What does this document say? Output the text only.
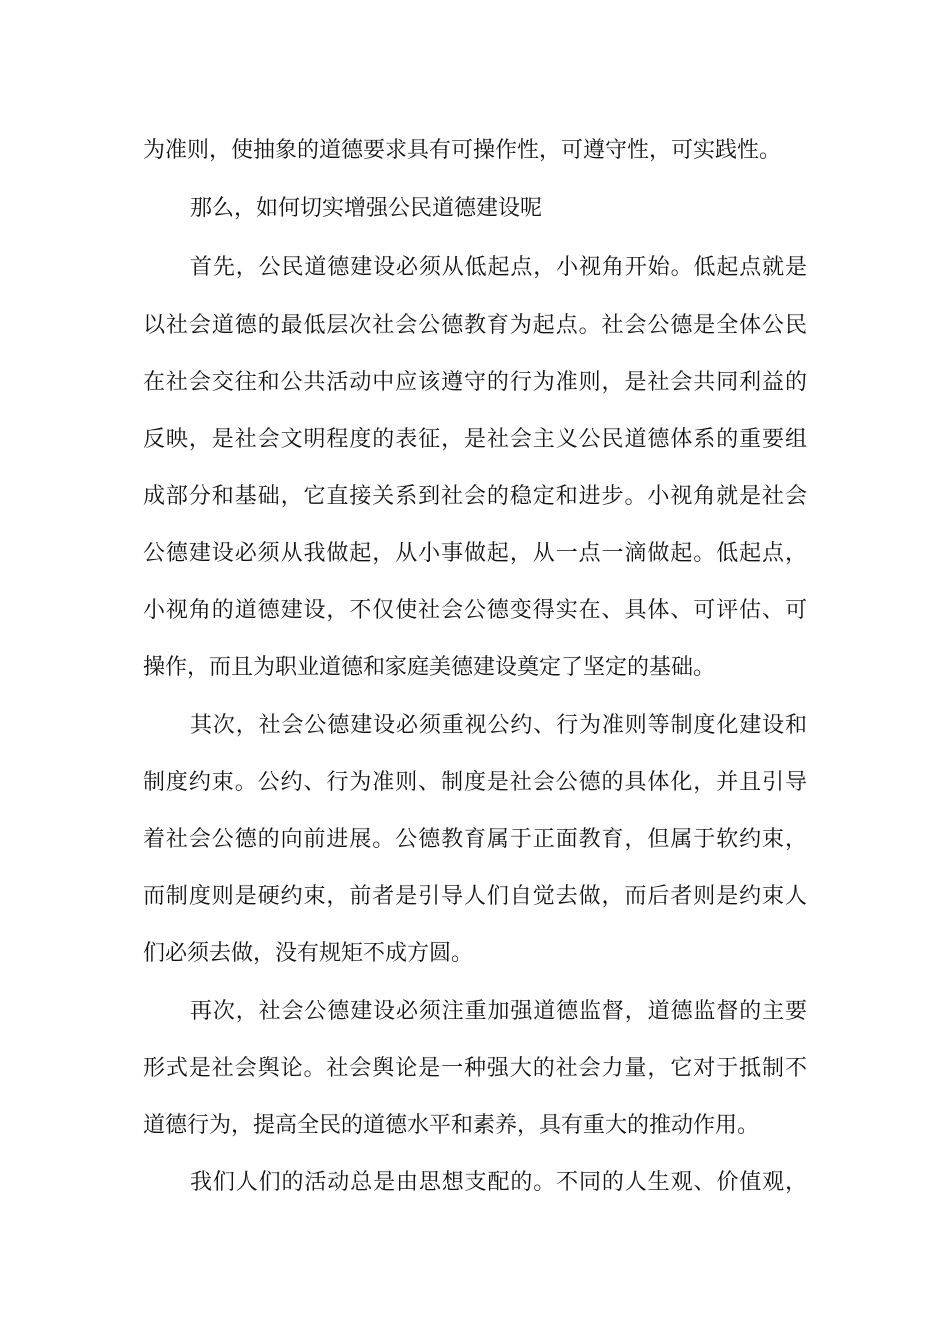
为准则，使抽象的道德要求具有可操作性，可遵守性，可实践性。
那么，如何切实增强公民道德建设呢
首先，公民道德建设必须从低起点，小视角开始。低起点就是
以社会道德的最低层次社会公德教育为起点。社会公德是全体公民
在社会交往和公共活动中应该遵守的行为准则，是社会共同利益的
反映，是社会文明程度的表征，是社会主义公民道德体系的重要组
成部分和基础，它直接关系到社会的稳定和进步。小视角就是社会
公德建设必须从我做起，从小事做起，从一点一滴做起。低起点，
小视角的道德建设，不仅使社会公德变得实在、具体、可评估、可
操作，而且为职业道德和家庭美德建设奠定了坚定的基础。
其次，社会公德建设必须重视公约、行为准则等制度化建设和
制度约束。公约、行为准则、制度是社会公德的具体化，并且引导
着社会公德的向前进展。公德教育属于正面教育，但属于软约束，
而制度则是硬约束，前者是引导人们自觉去做，而后者则是约束人
们必须去做，没有规矩不成方圆。
再次，社会公德建设必须注重加强道德监督，道德监督的主要
形式是社会舆论。社会舆论是一种强大的社会力量，它对于抵制不
道德行为，提高全民的道德水平和素养，具有重大的推动作用。
我们人们的活动总是由思想支配的。不同的人生观、价值观，
